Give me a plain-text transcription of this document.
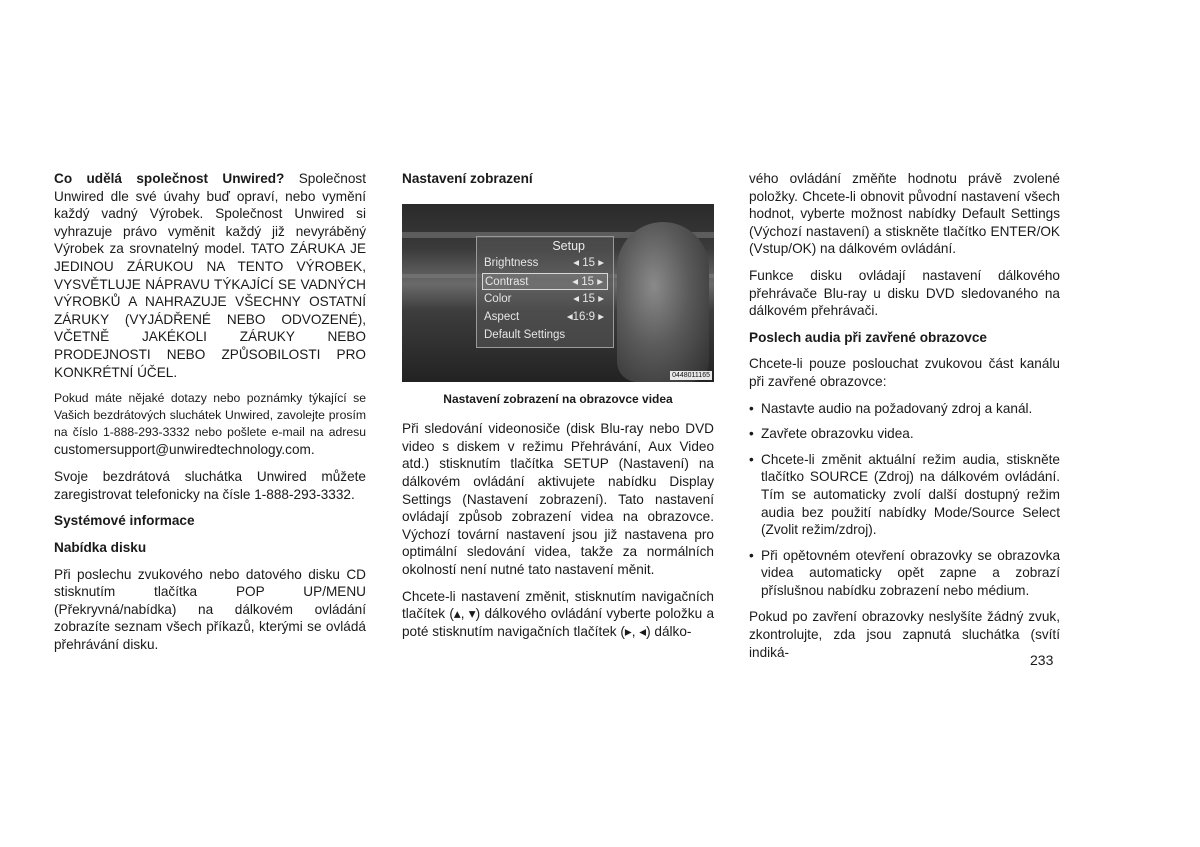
Co udělá společnost Unwired? Společnost Unwired dle své úvahy buď opraví, nebo vymění každý vadný Výrobek. Společnost Unwired si vyhrazuje právo vyměnit každý již nevyráběný Výrobek za srovnatelný model. TATO ZÁRUKA JE JEDINOU ZÁRUKOU NA TENTO VÝROBEK, VYSVĚTLUJE NÁPRAVU TÝKAJÍCÍ SE VADNÝCH VÝROBKŮ A NAHRAZUJE VŠECHNY OSTATNÍ ZÁRUKY (VYJÁDŘENÉ NEBO ODVOZENÉ), VČETNĚ JAKÉKOLI ZÁRUKY NEBO PRODEJNOSTI NEBO ZPŮSOBILOSTI PRO KONKRÉTNÍ ÚČEL.

Pokud máte nějaké dotazy nebo poznámky týkající se Vašich bezdrátových sluchátek Unwired, zavolejte prosím na číslo 1-888-293-3332 nebo pošlete e-mail na adresu customersupport@unwiredtechnology.com.

Svoje bezdrátová sluchátka Unwired můžete zaregistrovat telefonicky na čísle 1-888-293-3332.

Systémové informace

Nabídka disku

Při poslechu zvukového nebo datového disku CD stisknutím tlačítka POP UP/MENU (Překryvná/nabídka) na dálkovém ovládání zobrazíte seznam všech příkazů, kterými se ovládá přehrávání disku.

Nastavení zobrazení

Setup
Brightness	◂ 15 ▸
Contrast	◂ 15 ▸
Color	◂ 15 ▸
Aspect	◂16:9 ▸
Default Settings
0448011165
Nastavení zobrazení na obrazovce videa

Při sledování videonosiče (disk Blu-ray nebo DVD video s diskem v režimu Přehrávání, Aux Video atd.) stisknutím tlačítka SETUP (Nastavení) na dálkovém ovládání aktivujete nabídku Display Settings (Nastavení zobrazení). Tato nastavení ovládají způsob zobrazení videa na obrazovce. Výchozí tovární nastavení jsou již nastavena pro optimální sledování videa, takže za normálních okolností není nutné tato nastavení měnit.

Chcete-li nastavení změnit, stisknutím navigačních tlačítek (▴, ▾) dálkového ovládání vyberte položku a poté stisknutím navigačních tlačítek (▸, ◂) dálko-

vého ovládání změňte hodnotu právě zvolené položky. Chcete-li obnovit původní nastavení všech hodnot, vyberte možnost nabídky Default Settings (Výchozí nastavení) a stiskněte tlačítko ENTER/OK (Vstup/OK) na dálkovém ovládání.

Funkce disku ovládají nastavení dálkového přehrávače Blu-ray u disku DVD sledovaného na dálkovém přehrávači.

Poslech audia při zavřené obrazovce

Chcete-li pouze poslouchat zvukovou část kanálu při zavřené obrazovce:

• Nastavte audio na požadovaný zdroj a kanál.
• Zavřete obrazovku videa.
• Chcete-li změnit aktuální režim audia, stiskněte tlačítko SOURCE (Zdroj) na dálkovém ovládání. Tím se automaticky zvolí další dostupný režim audia bez použití nabídky Mode/Source Select (Zvolit režim/zdroj).
• Při opětovném otevření obrazovky se obrazovka videa automaticky opět zapne a zobrazí příslušnou nabídku zobrazení nebo médium.

Pokud po zavření obrazovky neslyšíte žádný zvuk, zkontrolujte, zda jsou zapnutá sluchátka (svítí indiká-	233
